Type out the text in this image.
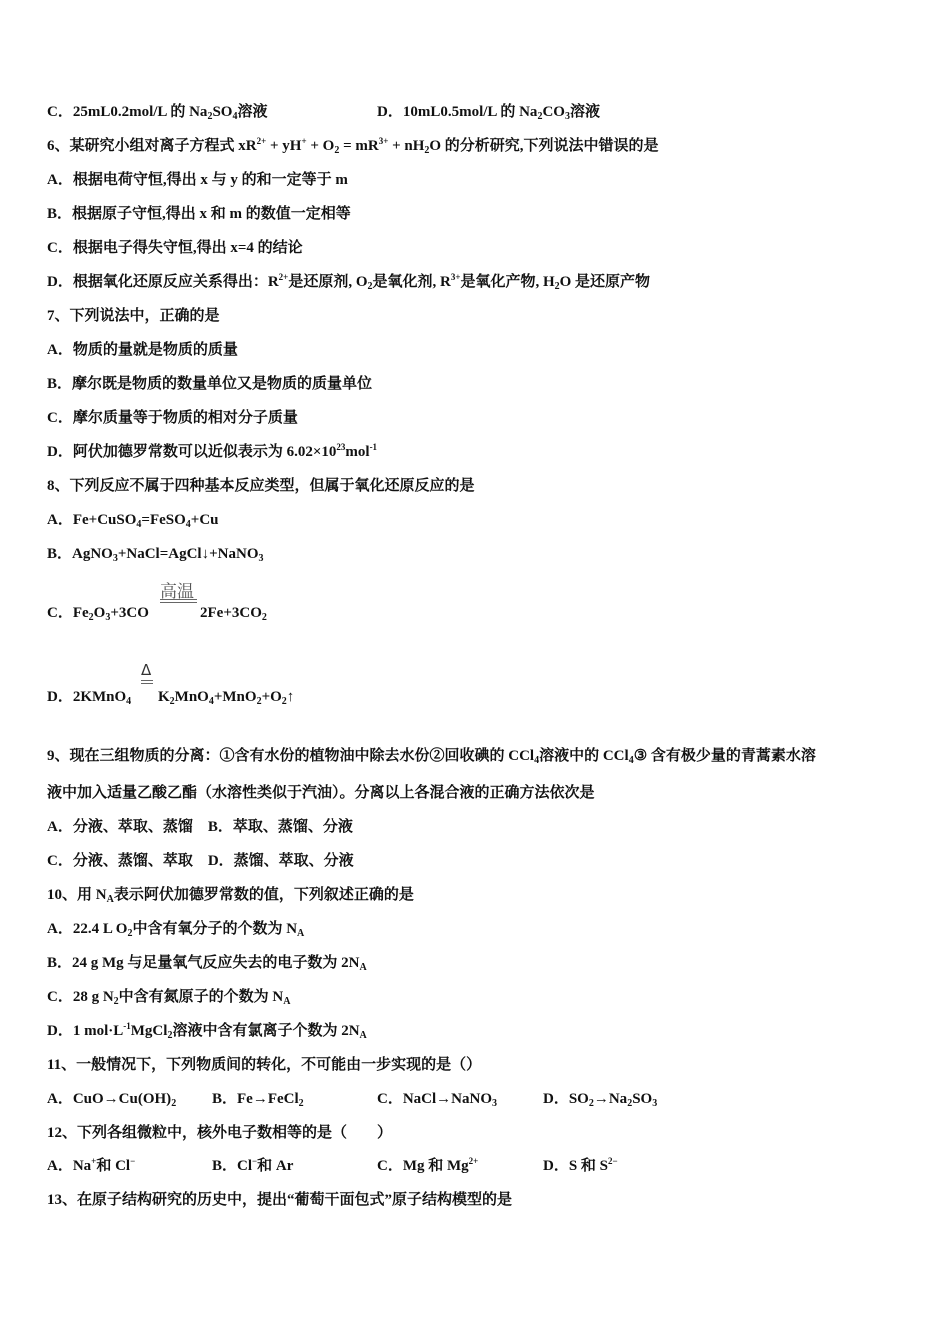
C．25mL0.2mol/L 的 $Na_2SO_4$溶液	D．10mL0.5mol/L 的 $Na_2CO_3$溶液
6、某研究小组对离子方程式 $xR^{2+} + yH^+ + O_2 = mR^{3+} + nH_2O$ 的分析研究,下列说法中错误的是
A．根据电荷守恒,得出 x 与 y 的和一定等于 m
B．根据原子守恒,得出 x 和 m 的数值一定相等
C．根据电子得失守恒,得出 x=4 的结论
D．根据氧化还原反应关系得出：$R^{2+}$是还原剂, $O_2$是氧化剂, $R^{3+}$是氧化产物, $H_2O$ 是还原产物
7、下列说法中，正确的是
A．物质的量就是物质的质量
B．摩尔既是物质的数量单位又是物质的质量单位
C．摩尔质量等于物质的相对分子质量
D．阿伏加德罗常数可以近似表示为 $6.02\times 10^{23}mol^{-1}$
8、下列反应不属于四种基本反应类型，但属于氧化还原反应的是
A．Fe+CuSO$_4$=FeSO$_4$+Cu
B．AgNO$_3$+NaCl=AgCl↓+NaNO$_3$
C．$Fe_2O_3+3CO$	$2Fe+3CO_2$
D．2KMnO$_4$ $K_2MnO_4+MnO_2+O_2↑$
9、现在三组物质的分离：①含有水份的植物油中除去水份②回收碘的 CCl$_4$溶液中的 CCl$_4$③ 含有极少量的青蒿素水溶
液中加入适量乙酸乙酯（水溶性类似于汽油）。分离以上各混合液的正确方法依次是
A．分液、萃取、蒸馏　B．萃取、蒸馏、分液
C．分液、蒸馏、萃取　D．蒸馏、萃取、分液
10、用 $N_A$表示阿伏加德罗常数的值，下列叙述正确的是
A．22.4 L $O_2$中含有氧分子的个数为 $N_A$
B．24 g Mg 与足量氧气反应失去的电子数为 $2N_A$
C．28 g $N_2$中含有氮原子的个数为 $N_A$
D．1 $mol\cdot L^{-1}MgCl_2$溶液中含有氯离子个数为 $2N_A$
11、一般情况下，下列物质间的转化，不可能由一步实现的是（）
A．$CuO\to Cu(OH)_2$ B．Fe→FeCl$_2$	C．NaCl→NaNO$_3$	D．$SO_2\to Na_2SO_3$
12、下列各组微粒中，核外电子数相等的是（　　）
A．Na+和 Cl−	B．Cl−和 Ar	C．Mg 和 $Mg^{2+}$	D．S 和 $S^{2-}$
13、在原子结构研究的历史中，提出“葡萄干面包式”原子结构模型的是
高温
Δ
